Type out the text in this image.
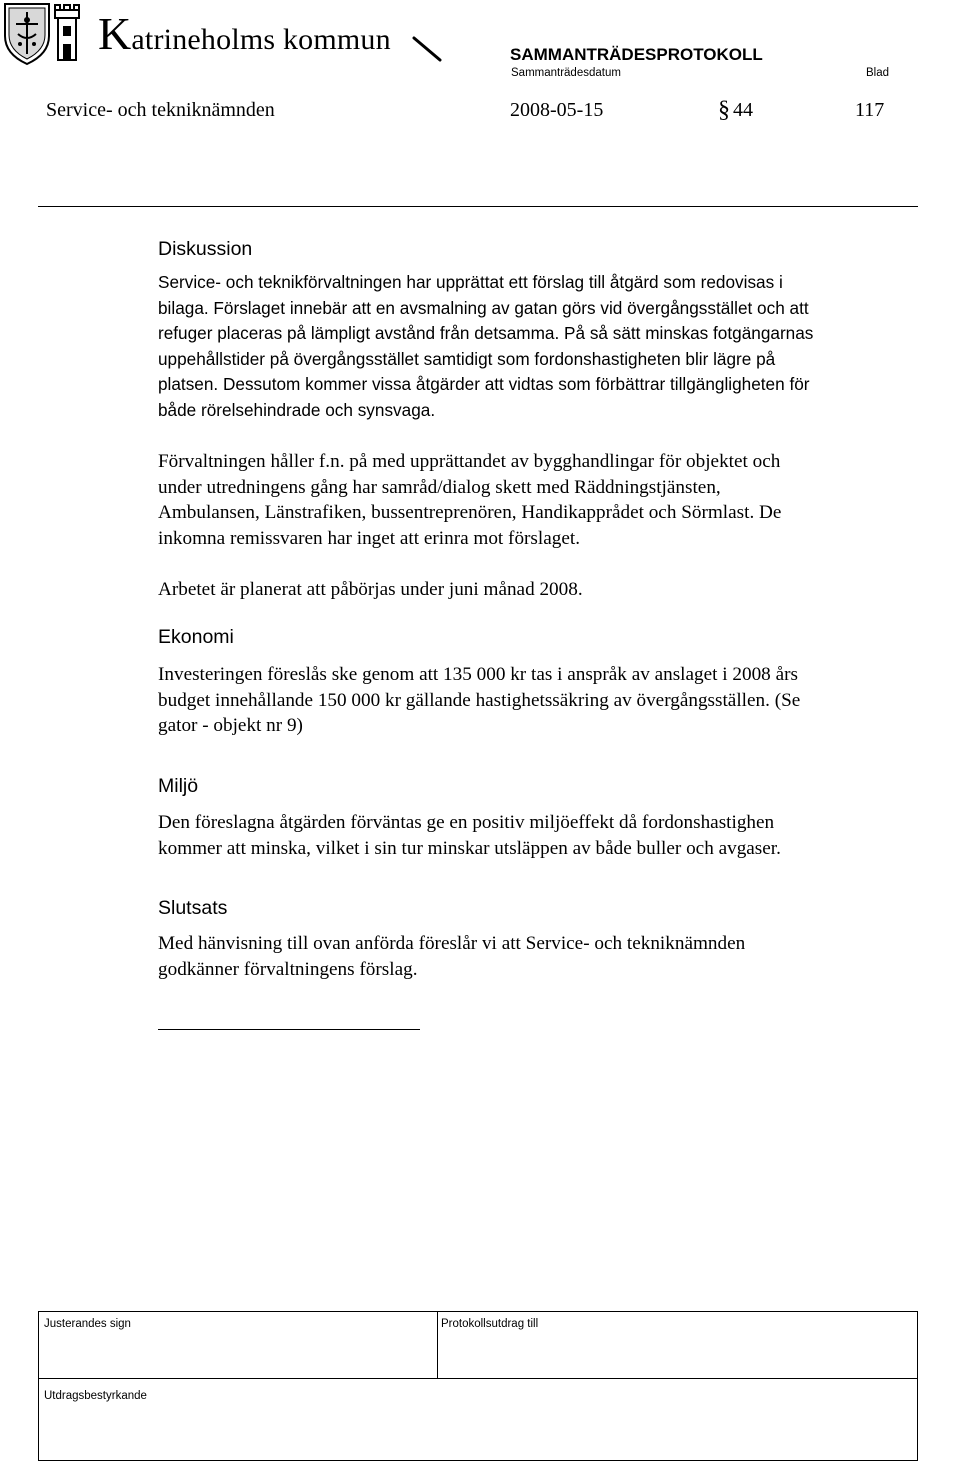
Katrineholms kommun	SAMMANTRÄDESPROTOKOLL
Sammanträdesdatum	Blad
Service- och tekniknämnden	2008-05-15	§ 44	117
Diskussion
Service- och teknikförvaltningen har upprättat ett förslag till åtgärd som redovisas i
bilaga. Förslaget innebär att en avsmalning av gatan görs vid övergångsstället och att
refuger placeras på lämpligt avstånd från detsamma. På så sätt minskas fotgängarnas
uppehållstider på övergångsstället samtidigt som fordonshastigheten blir lägre på
platsen. Dessutom kommer vissa åtgärder att vidtas som förbättrar tillgängligheten för
både rörelsehindrade och synsvaga.
Förvaltningen håller f.n. på med upprättandet av bygghandlingar för objektet och
under utredningens gång har samråd/dialog skett med Räddningstjänsten,
Ambulansen, Länstrafiken, bussentreprenören, Handikapprådet och Sörmlast. De
inkomna remissvaren har inget att erinra mot förslaget.
Arbetet är planerat att påbörjas under juni månad 2008.
Ekonomi
Investeringen föreslås ske genom att 135 000 kr tas i anspråk av anslaget i 2008 års
budget innehållande 150 000 kr gällande hastighetssäkring av övergångsställen. (Se
gator - objekt nr 9)
Miljö
Den föreslagna åtgärden förväntas ge en positiv miljöeffekt då fordonshastighen
kommer att minska, vilket i sin tur minskar utsläppen av både buller och avgaser.
Slutsats
Med hänvisning till ovan anförda föreslår vi att Service- och tekniknämnden
godkänner förvaltningens förslag.
Justerandes sign	Protokollsutdrag till
Utdragsbestyrkande
